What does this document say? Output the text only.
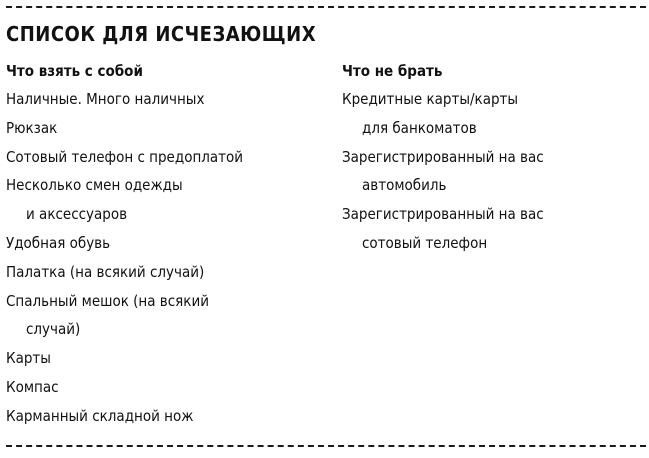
СПИСОК ДЛЯ ИСЧЕЗАЮЩИХ
Что взять с собой
Наличные. Много наличных
Рюкзак
Сотовый телефон с предоплатой
Несколько смен одежды
и аксессуаров
Удобная обувь
Палатка (на всякий случай)
Спальный мешок (на всякий
случай)
Карты
Компас
Карманный складной нож
Что не брать
Кредитные карты/карты
для банкоматов
Зарегистрированный на вас
автомобиль
Зарегистрированный на вас
сотовый телефон
